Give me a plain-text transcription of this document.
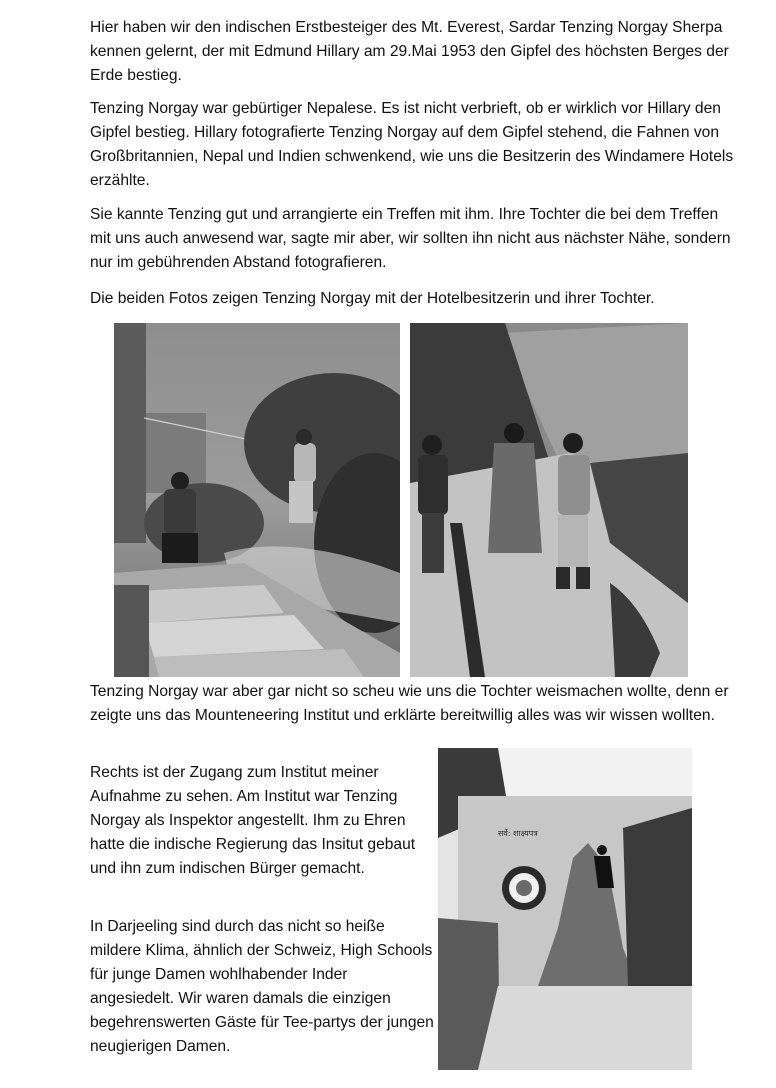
Hier haben wir den indischen Erstbesteiger des Mt. Everest, Sardar Tenzing Norgay Sherpa kennen gelernt, der mit Edmund Hillary am 29.Mai 1953 den Gipfel des höchsten Berges der Erde bestieg.

Tenzing Norgay war gebürtiger Nepalese. Es ist nicht verbrieft, ob er wirklich vor Hillary den Gipfel bestieg. Hillary fotografierte Tenzing Norgay auf dem Gipfel stehend, die Fahnen von Großbritannien, Nepal und Indien schwenkend, wie uns die Besitzerin des Windamere Hotels erzählte.

Sie kannte Tenzing gut und arrangierte ein Treffen mit ihm. Ihre Tochter die bei dem Treffen mit uns auch anwesend war, sagte mir aber, wir sollten ihn nicht aus nächster Nähe, sondern nur im gebührenden Abstand fotografieren.

Die beiden Fotos zeigen Tenzing Norgay mit der Hotelbesitzerin und ihrer Tochter.

Tenzing Norgay war aber gar nicht so scheu wie uns die Tochter weismachen wollte, denn er zeigte uns das Mounteneering Institut und erklärte bereitwillig alles was wir wissen wollten.

Rechts ist der Zugang zum Institut meiner Aufnahme zu sehen. Am Institut war Tenzing Norgay als Inspektor angestellt. Ihm zu Ehren hatte die indische Regierung das Insitut gebaut und ihn zum indischen Bürger gemacht.

In Darjeeling sind durch das nicht so heiße mildere Klima, ähnlich der Schweiz, High Schools für junge Damen wohlhabender Inder angesiedelt. Wir waren damals die einzigen begehrenswerten Gäste für Tee-partys der jungen neugierigen Damen.

सर्वे: शाक्ष्यपत्र
